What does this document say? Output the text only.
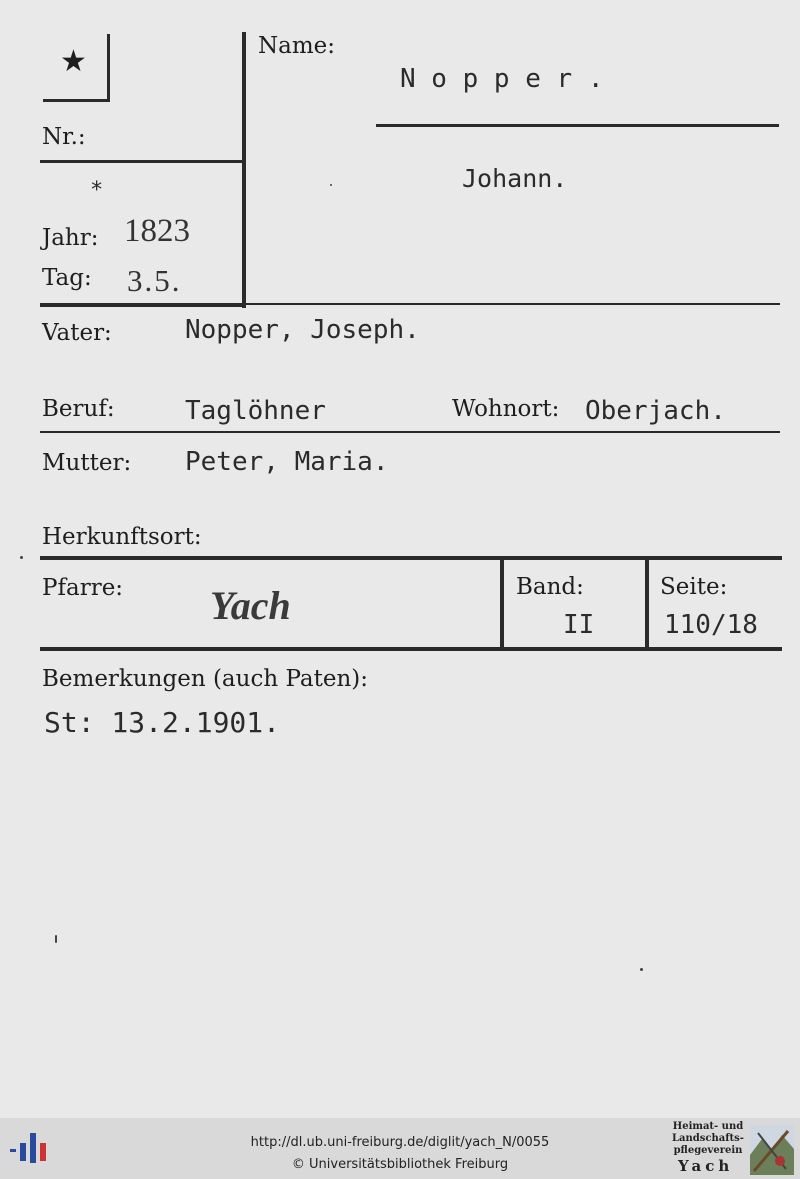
★
Nr.:
*
Jahr: 1823
Tag: 3.5.
Name:
N o p p e r .
Johann.
Vater:	Nopper, Joseph.
Beruf:	Taglöhner	Wohnort: Oberjach.
Mutter: Peter, Maria.
Herkunftsort:
Pfarre: Yach	Band:
II
Seite:
110/18
Bemerkungen (auch Paten):
St: 13.2.1901.
http://dl.ub.uni-freiburg.de/diglit/yach_N/0055
© Universitätsbibliothek Freiburg
Heimat- und
Landschafts-
pflegeverein
Yach
